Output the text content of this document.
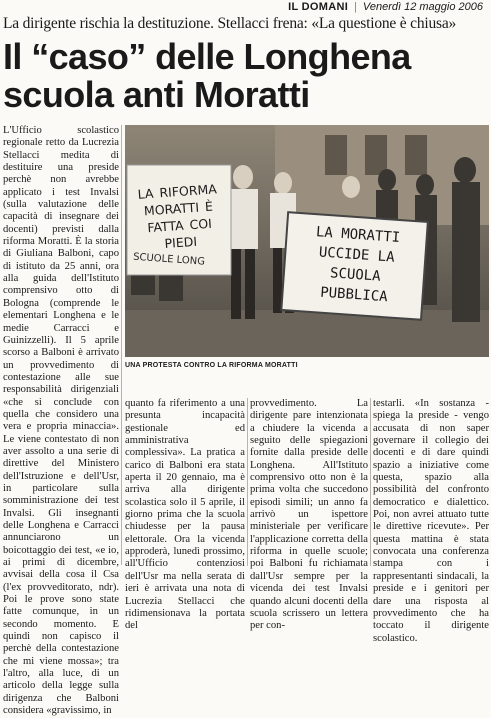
IL DOMANI | Venerdì 12 maggio 2006
La dirigente rischia la destituzione. Stellacci frena: «La questione è chiusa»
Il “caso” delle Longhena scuola anti Moratti
L'Ufficio scolastico regionale retto da Lucrezia Stellacci medita di destituire una preside perchè non avrebbe applicato i test Invalsi (sulla valutazione delle capacità di insegnare dei docenti) previsti dalla riforma Moratti. È la storia di Giuliana Balboni, capo di istituto da 25 anni, ora alla guida dell'Istituto comprensivo otto di Bologna (comprende le elementari Longhena e le medie Carracci e Guinizzelli). Il 5 aprile scorso a Balboni è arrivato un provvedimento di contestazione alle sue responsabilità dirigenziali «che si conclude con quella che considero una vera e propria minaccia». Le viene contestato di non aver assolto a una serie di direttive del Ministero dell'Istruzione e dell'Usr, in particolare sulla somministrazione dei test Invalsi. Gli insegnanti delle Longhena e Carracci annunciarono un boicottaggio dei test, «e io, ai primi di dicembre, avvisai della cosa il Csa (l'ex provveditorato, ndr). Poi le prove sono state fatte comunque, in un secondo momento. E quindi non capisco il perchè della contestazione che mi viene mossa»; tra l'altro, alla luce, di un articolo della legge sulla dirigenza che Balboni considera «gravissimo, in
LA RIFORMA MORATTI È FATTA COI PIEDI
SCUOLE LONG
LA MORATTI UCCIDE LA SCUOLA PUBBLICA
UNA PROTESTA CONTRO LA RIFORMA MORATTI
quanto fa riferimento a una presunta incapacità gestionale ed amministrativa complessiva». La pratica a carico di Balboni era stata aperta il 20 gennaio, ma è arriva alla dirigente scolastica solo il 5 aprile, il giorno prima che la scuola chiudesse per la pausa elettorale. Ora la vicenda approderà, lunedì prossimo, all'Ufficio contenziosi dell'Usr ma nella serata di ieri è arrivata una nota di Lucrezia Stellacci che ridimensionava la portata del
provvedimento. La dirigente pare intenzionata a chiudere la vicenda a seguito delle spiegazioni fornite dalla preside delle Longhena. All'Istituto comprensivo otto non è la prima volta che succedono episodi simili; un anno fa arrivò un ispettore ministeriale per verificare l'applicazione corretta della riforma in quelle scuole; poi Balboni fu richiamata dall'Usr sempre per la vicenda dei test Invalsi quando alcuni docenti della scuola scrissero un lettera per con-
testarli. «In sostanza - spiega la preside - vengo accusata di non saper governare il collegio dei docenti e di dare quindi spazio a iniziative come questa, spazio alla possibilità del confronto democratico e dialettico. Poi, non avrei attuato tutte le direttive ricevute». Per questa mattina è stata convocata una conferenza stampa con i rappresentanti sindacali, la preside e i genitori per dare una risposta al provvedimento che ha toccato il dirigente scolastico.
